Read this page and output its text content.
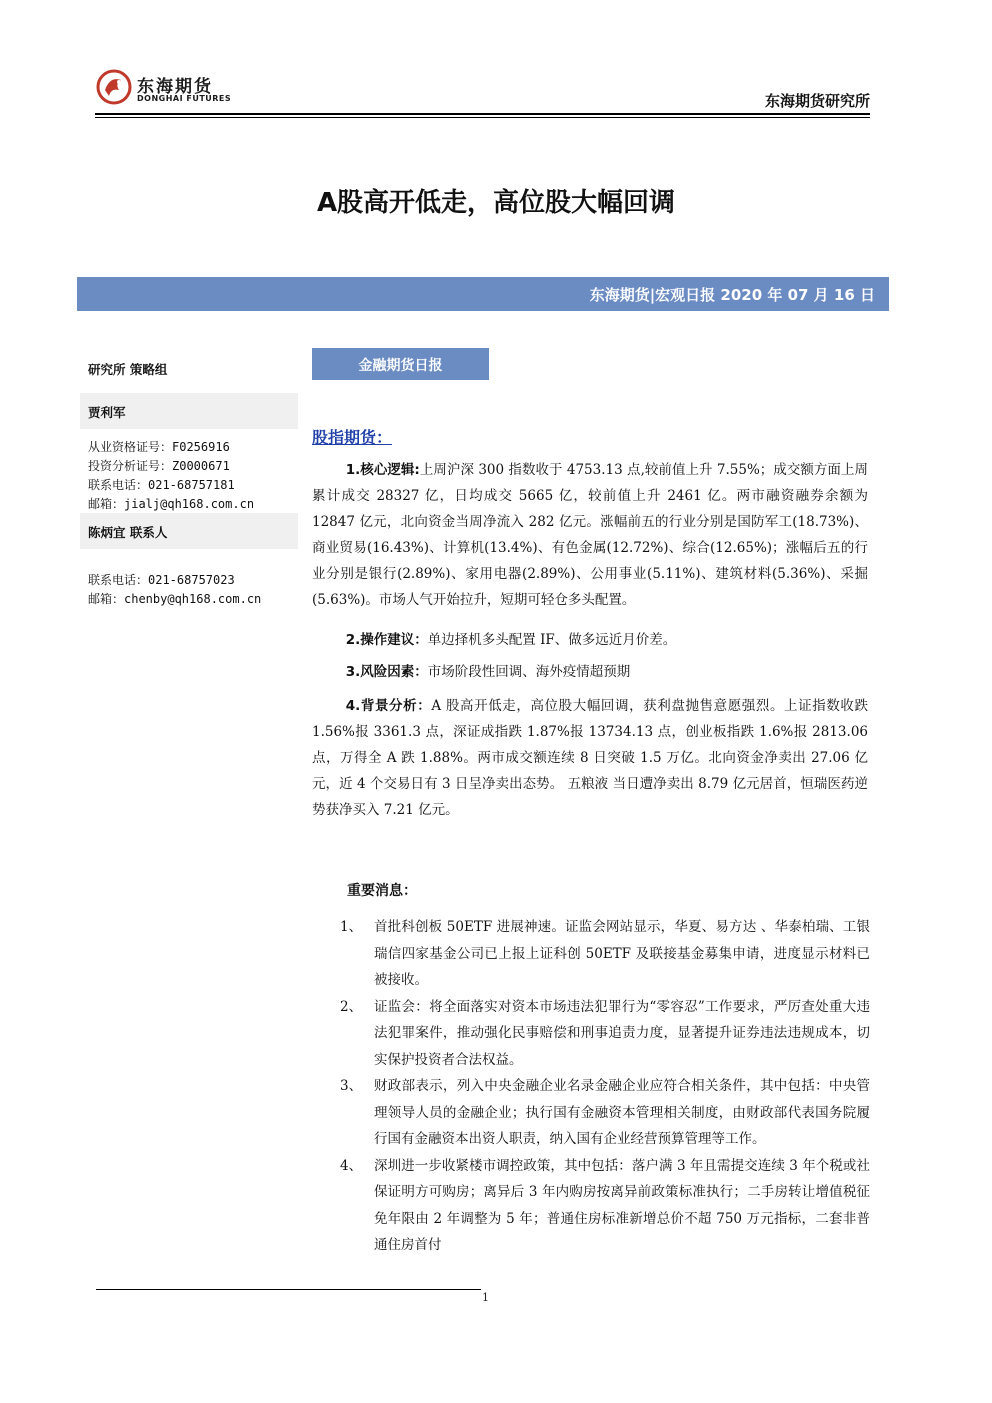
东海期货
DONGHAI FUTURES	东海期货研究所
A股高开低走，高位股大幅回调
东海期货|宏观日报 2020 年 07 月 16 日
研究所 策略组
贾利军
从业资格证号：F0256916
投资分析证号：Z0000671
联系电话：021-68757181
邮箱：jialj@qh168.com.cn
陈炳宜 联系人
联系电话：021-68757023
邮箱：chenby@qh168.com.cn
金融期货日报
股指期货：
1.核心逻辑:上周沪深 300 指数收于 4753.13 点,较前值上升 7.55%；成交额方面上周累计成交 28327 亿，日均成交 5665 亿，较前值上升 2461 亿。两市融资融券余额为 12847 亿元，北向资金当周净流入 282 亿元。涨幅前五的行业分别是国防军工(18.73%)、商业贸易(16.43%)、计算机(13.4%)、有色金属(12.72%)、综合(12.65%)；涨幅后五的行业分别是银行(2.89%)、家用电器(2.89%)、公用事业(5.11%)、建筑材料(5.36%)、采掘(5.63%)。市场人气开始拉升，短期可轻仓多头配置。
2.操作建议：单边择机多头配置 IF、做多远近月价差。
3.风险因素：市场阶段性回调、海外疫情超预期
4.背景分析：A 股高开低走，高位股大幅回调，获利盘抛售意愿强烈。上证指数收跌 1.56%报 3361.3 点，深证成指跌 1.87%报 13734.13 点，创业板指跌 1.6%报 2813.06 点，万得全 A 跌 1.88%。两市成交额连续 8 日突破 1.5 万亿。北向资金净卖出 27.06 亿元，近 4 个交易日有 3 日呈净卖出态势。 五粮液 当日遭净卖出 8.79 亿元居首，恒瑞医药逆势获净买入 7.21 亿元。
重要消息：
1、 首批科创板 50ETF 进展神速。证监会网站显示，华夏、易方达 、华泰柏瑞、工银瑞信四家基金公司已上报上证科创 50ETF 及联接基金募集申请，进度显示材料已被接收。
2、 证监会：将全面落实对资本市场违法犯罪行为“零容忍”工作要求，严厉查处重大违法犯罪案件，推动强化民事赔偿和刑事追责力度，显著提升证券违法违规成本，切实保护投资者合法权益。
3、 财政部表示，列入中央金融企业名录金融企业应符合相关条件，其中包括：中央管理领导人员的金融企业；执行国有金融资本管理相关制度，由财政部代表国务院履行国有金融资本出资人职责，纳入国有企业经营预算管理等工作。
4、 深圳进一步收紧楼市调控政策，其中包括：落户满 3 年且需提交连续 3 年个税或社保证明方可购房；离异后 3 年内购房按离异前政策标准执行；二手房转让增值税征免年限由 2 年调整为 5 年；普通住房标准新增总价不超 750 万元指标，二套非普通住房首付
1
